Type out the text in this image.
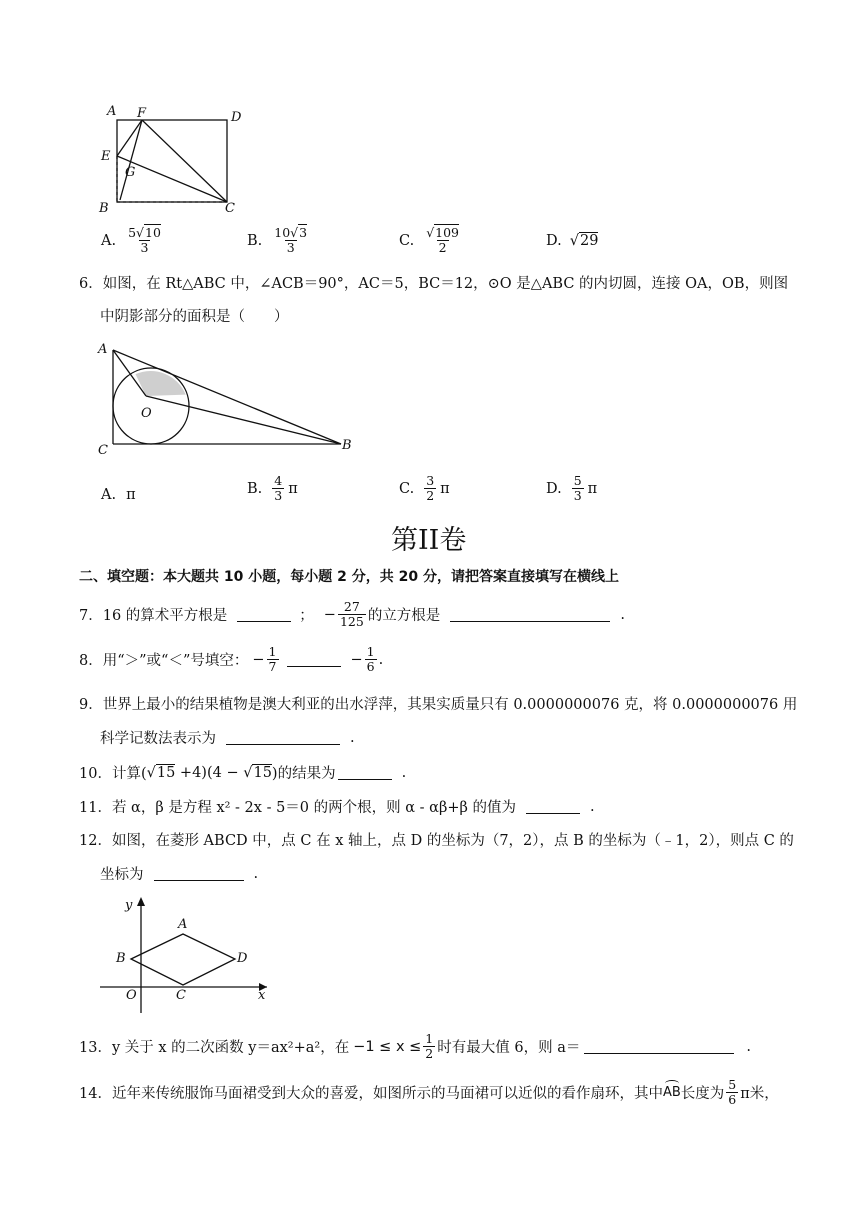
A F	D
E
G
B	C
A. $\frac{5√10}{3}$	B. $\frac{10√3}{3}$	C. $\frac{√109}{2}$	D. √29
6．如图，在 Rt△ABC 中，∠ACB＝90°，AC＝5，BC＝12，⊙O 是△ABC 的内切圆，连接 OA，OB，则图
中阴影部分的面积是（　　）
A
O
C	B
A. π	B. $\frac{4}{3}$ π	C. $\frac{3}{2}$ π	D. $\frac{5}{3}$ π
第II卷
二、填空题：本大题共 10 小题，每小题 2 分，共 20 分，请把答案直接填写在横线上
7．16 的算术平方根是	； − $\frac{27}{125}$ 的立方根是	.
8．用“＞”或“＜”号填空： − $\frac{1}{7}$	− $\frac{1}{6}$ .
9．世界上最小的结果植物是澳大利亚的出水浮萍，其果实质量只有 0.0000000076 克，将 0.0000000076 用
科学记数法表示为	.
10．计算( √15 +4)(4 − √15 )的结果为	.
11．若 α，β 是方程 x² - 2x - 5＝0 的两个根，则 α - αβ+β 的值为	.
12．如图，在菱形 ABCD 中，点 C 在 x 轴上，点 D 的坐标为（7，2），点 B 的坐标为（﹣1，2），则点 C 的
坐标为	.
y
A
B	D
O	C	x
13．y 关于 x 的二次函数 y＝ax²+a²，在 $-1 \le x \le \frac{1}{2}$ 时有最大值 6，则 a＝	.
14．近年来传统服饰马面裙受到大众的喜爱，如图所示的马面裙可以近似的看作扇环，其中 AB 长度为 $\frac{5}{6}$ π米，
